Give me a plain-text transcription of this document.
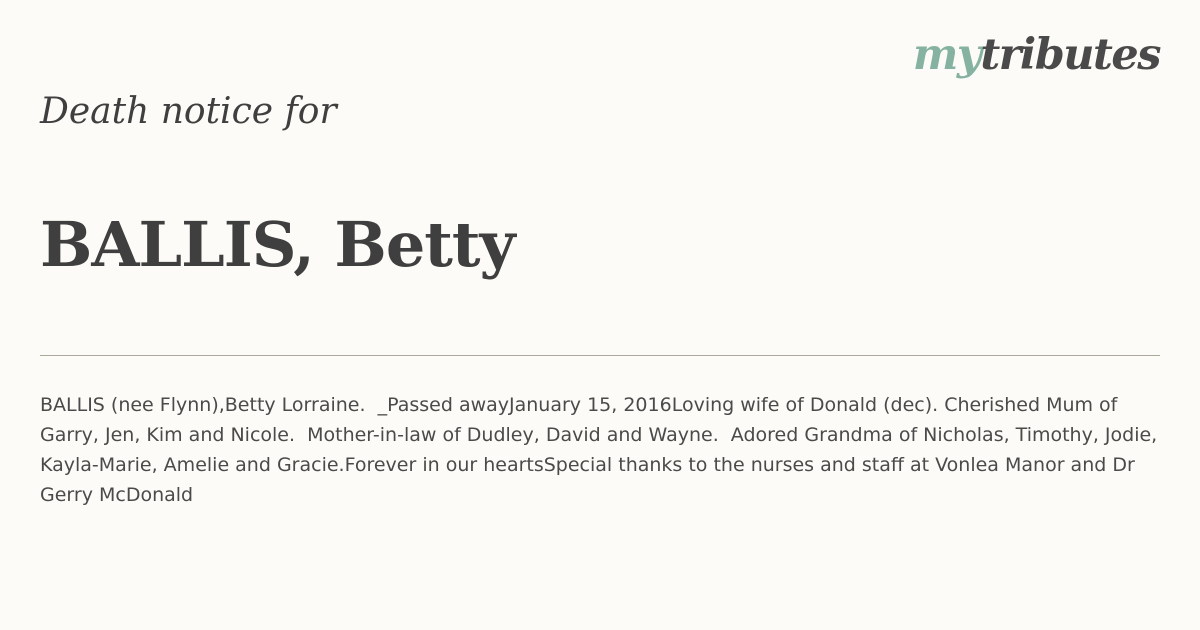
mytributes
Death notice for
BALLIS, Betty
BALLIS (nee Flynn),Betty Lorraine.  _Passed awayJanuary 15, 2016Loving wife of Donald (dec). Cherished Mum of Garry, Jen, Kim and Nicole.  Mother-in-law of Dudley, David and Wayne.  Adored Grandma of Nicholas, Timothy, Jodie, Kayla-Marie, Amelie and Gracie.Forever in our heartsSpecial thanks to the nurses and staff at Vonlea Manor and Dr Gerry McDonald
